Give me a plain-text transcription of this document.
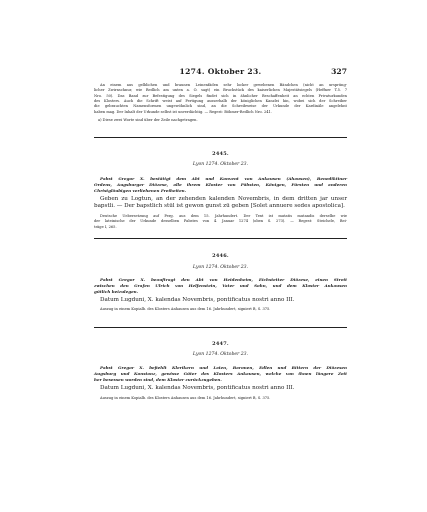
1274. Oktober 23.	327
An einem aus gelblichen und braunen Leinenfäden sehr locker gewebenen Bändchen (nicht an ursprüng-
licher Zwirnschnur, wie Redlich am unten a. O. sagt) ein Bruchstück des kaiserlichen Majestätsiegels (Heffner T.5. 7
Nro. 50). Das Band zur Befestigung des Siegels findet sich in ähnlicher Beschaffenheit an echten Privaturkunden
des Klosters. Auch die Schrift weist auf Fertigung ausserhalb der königlichen Kanzlei hin, wobei sich der Schreiber
die gebrauchten Namensformen ungewöhnlich sind, an die Schreibweise der Urkunde der Kardinäle angelehnt
haben mag. Der Inhalt der Urkunde selbst ist unverdächtig. — Regest: Böhmer-Redlich Nro. 241.
a) Diese zwei Worte sind über der Zeile nachgetragen.
2445.
Lyon 1274. Oktober 23.
Pabst Gregor X. bestätigt dem Abt und Konvent von Ankausen (Ahausen), Benediktiner
Ordens, Augsburger Diözese, alle ihrem Kloster von Päbsten, Königen, Fürsten und anderen
Christgläubigen verliehenen Freiheiten.
Geben zu Logtun, an der zehenden kalenden Novembris, in dem dritten jar unser
bapstli. — Der bapstlich stül ist gewon gunst zü geben [Solet annuere sedes apostolica].
Deutsche Uebersetzung auf Perg. aus dem 15. Jahrhundert. Der Text ist mutatis mutandis derselbe wie
der lateinische der Urkunde desselben Pabstes von 4. Januar 1274 (oben S. 273). — Regest: Steichele, Bei-
träge I, 265.
2446.
Lyon 1274. Oktober 23.
Pabst Gregor X. beauftragt den Abt von Heidenheim, Eichstetter Diözese, einen Streit
zwischen den Grafen Ulrich von Helfenstein, Vater und Sohn, und dem Kloster Ankausen
gütlich beizulegen.
Datum Lugduni, X. kalendas Novembris, pontificatus nostri anno III.
Auszug in einem Kopialb. des Klosters Anhausen aus dem 16. Jahrhundert, signiert B, S. 375.
2447.
Lyon 1274. Oktober 23.
Pabst Gregor X. befiehlt Klerikern und Laien, Baronen, Edlen und Rittern der Diözesen
Augsburg und Konstanz, gewisse Güter des Klosters Ankausen, welche von ihnen längere Zeit
her besessen worden sind, dem Kloster zurückzugeben.
Datum Lugduni, X. kalendas Novembris, pontificatus nostri anno III.
Auszug in einem Kopialb. des Klosters Anhausen aus dem 16. Jahrhundert, signiert B, S. 375.
